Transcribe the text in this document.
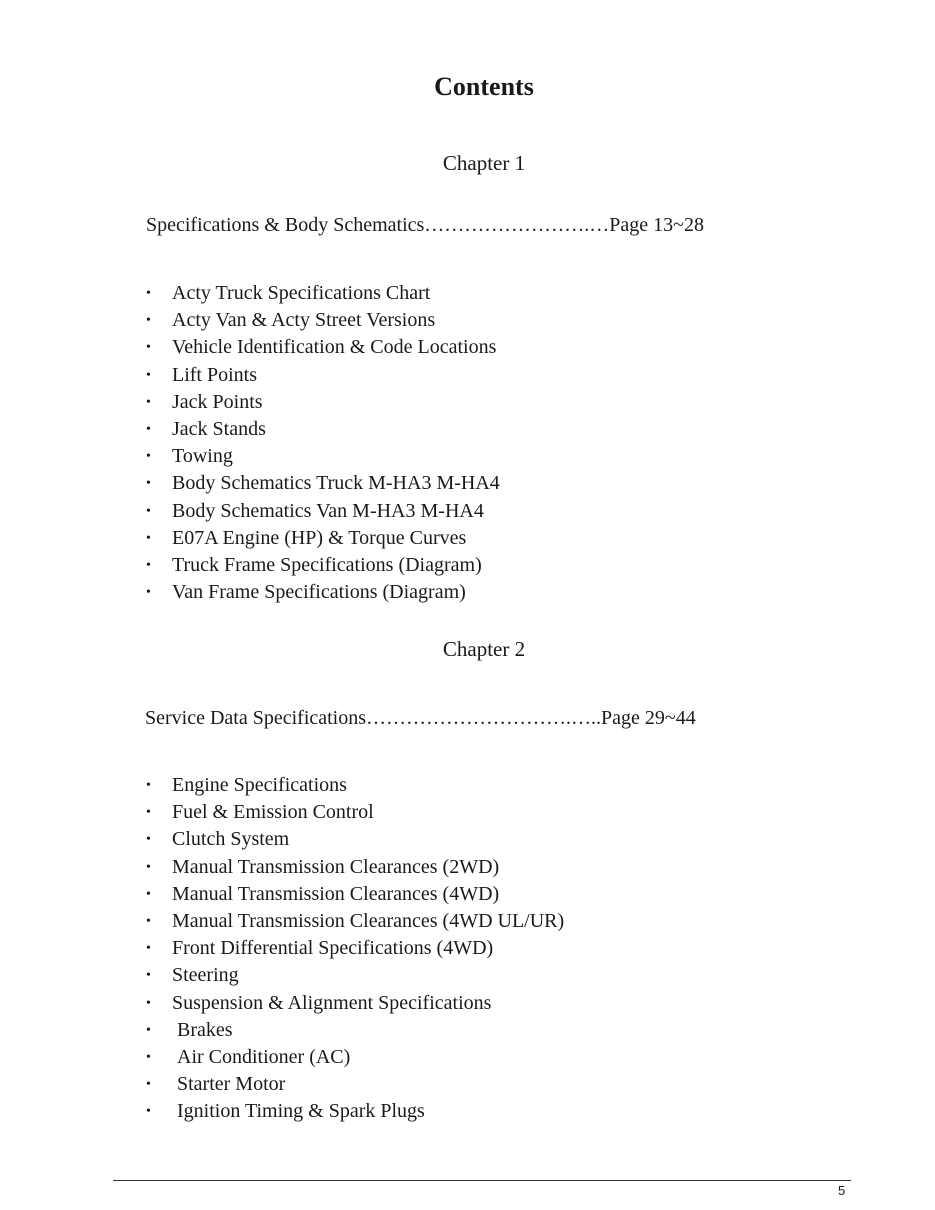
Contents
Chapter 1
Specifications & Body Schematics…………………….…Page 13~28
• Acty Truck Specifications Chart
• Acty Van & Acty Street Versions
• Vehicle Identification & Code Locations
• Lift Points
• Jack Points
• Jack Stands
• Towing
• Body Schematics Truck M-HA3 M-HA4
• Body Schematics Van M-HA3 M-HA4
• E07A Engine (HP) & Torque Curves
• Truck Frame Specifications (Diagram)
• Van Frame Specifications (Diagram)
Chapter 2
Service Data Specifications………………………….…..Page 29~44
• Engine Specifications
• Fuel & Emission Control
• Clutch System
• Manual Transmission Clearances (2WD)
• Manual Transmission Clearances (4WD)
• Manual Transmission Clearances (4WD UL/UR)
• Front Differential Specifications (4WD)
• Steering
• Suspension & Alignment Specifications
• Brakes
• Air Conditioner (AC)
• Starter Motor
• Ignition Timing & Spark Plugs
5
